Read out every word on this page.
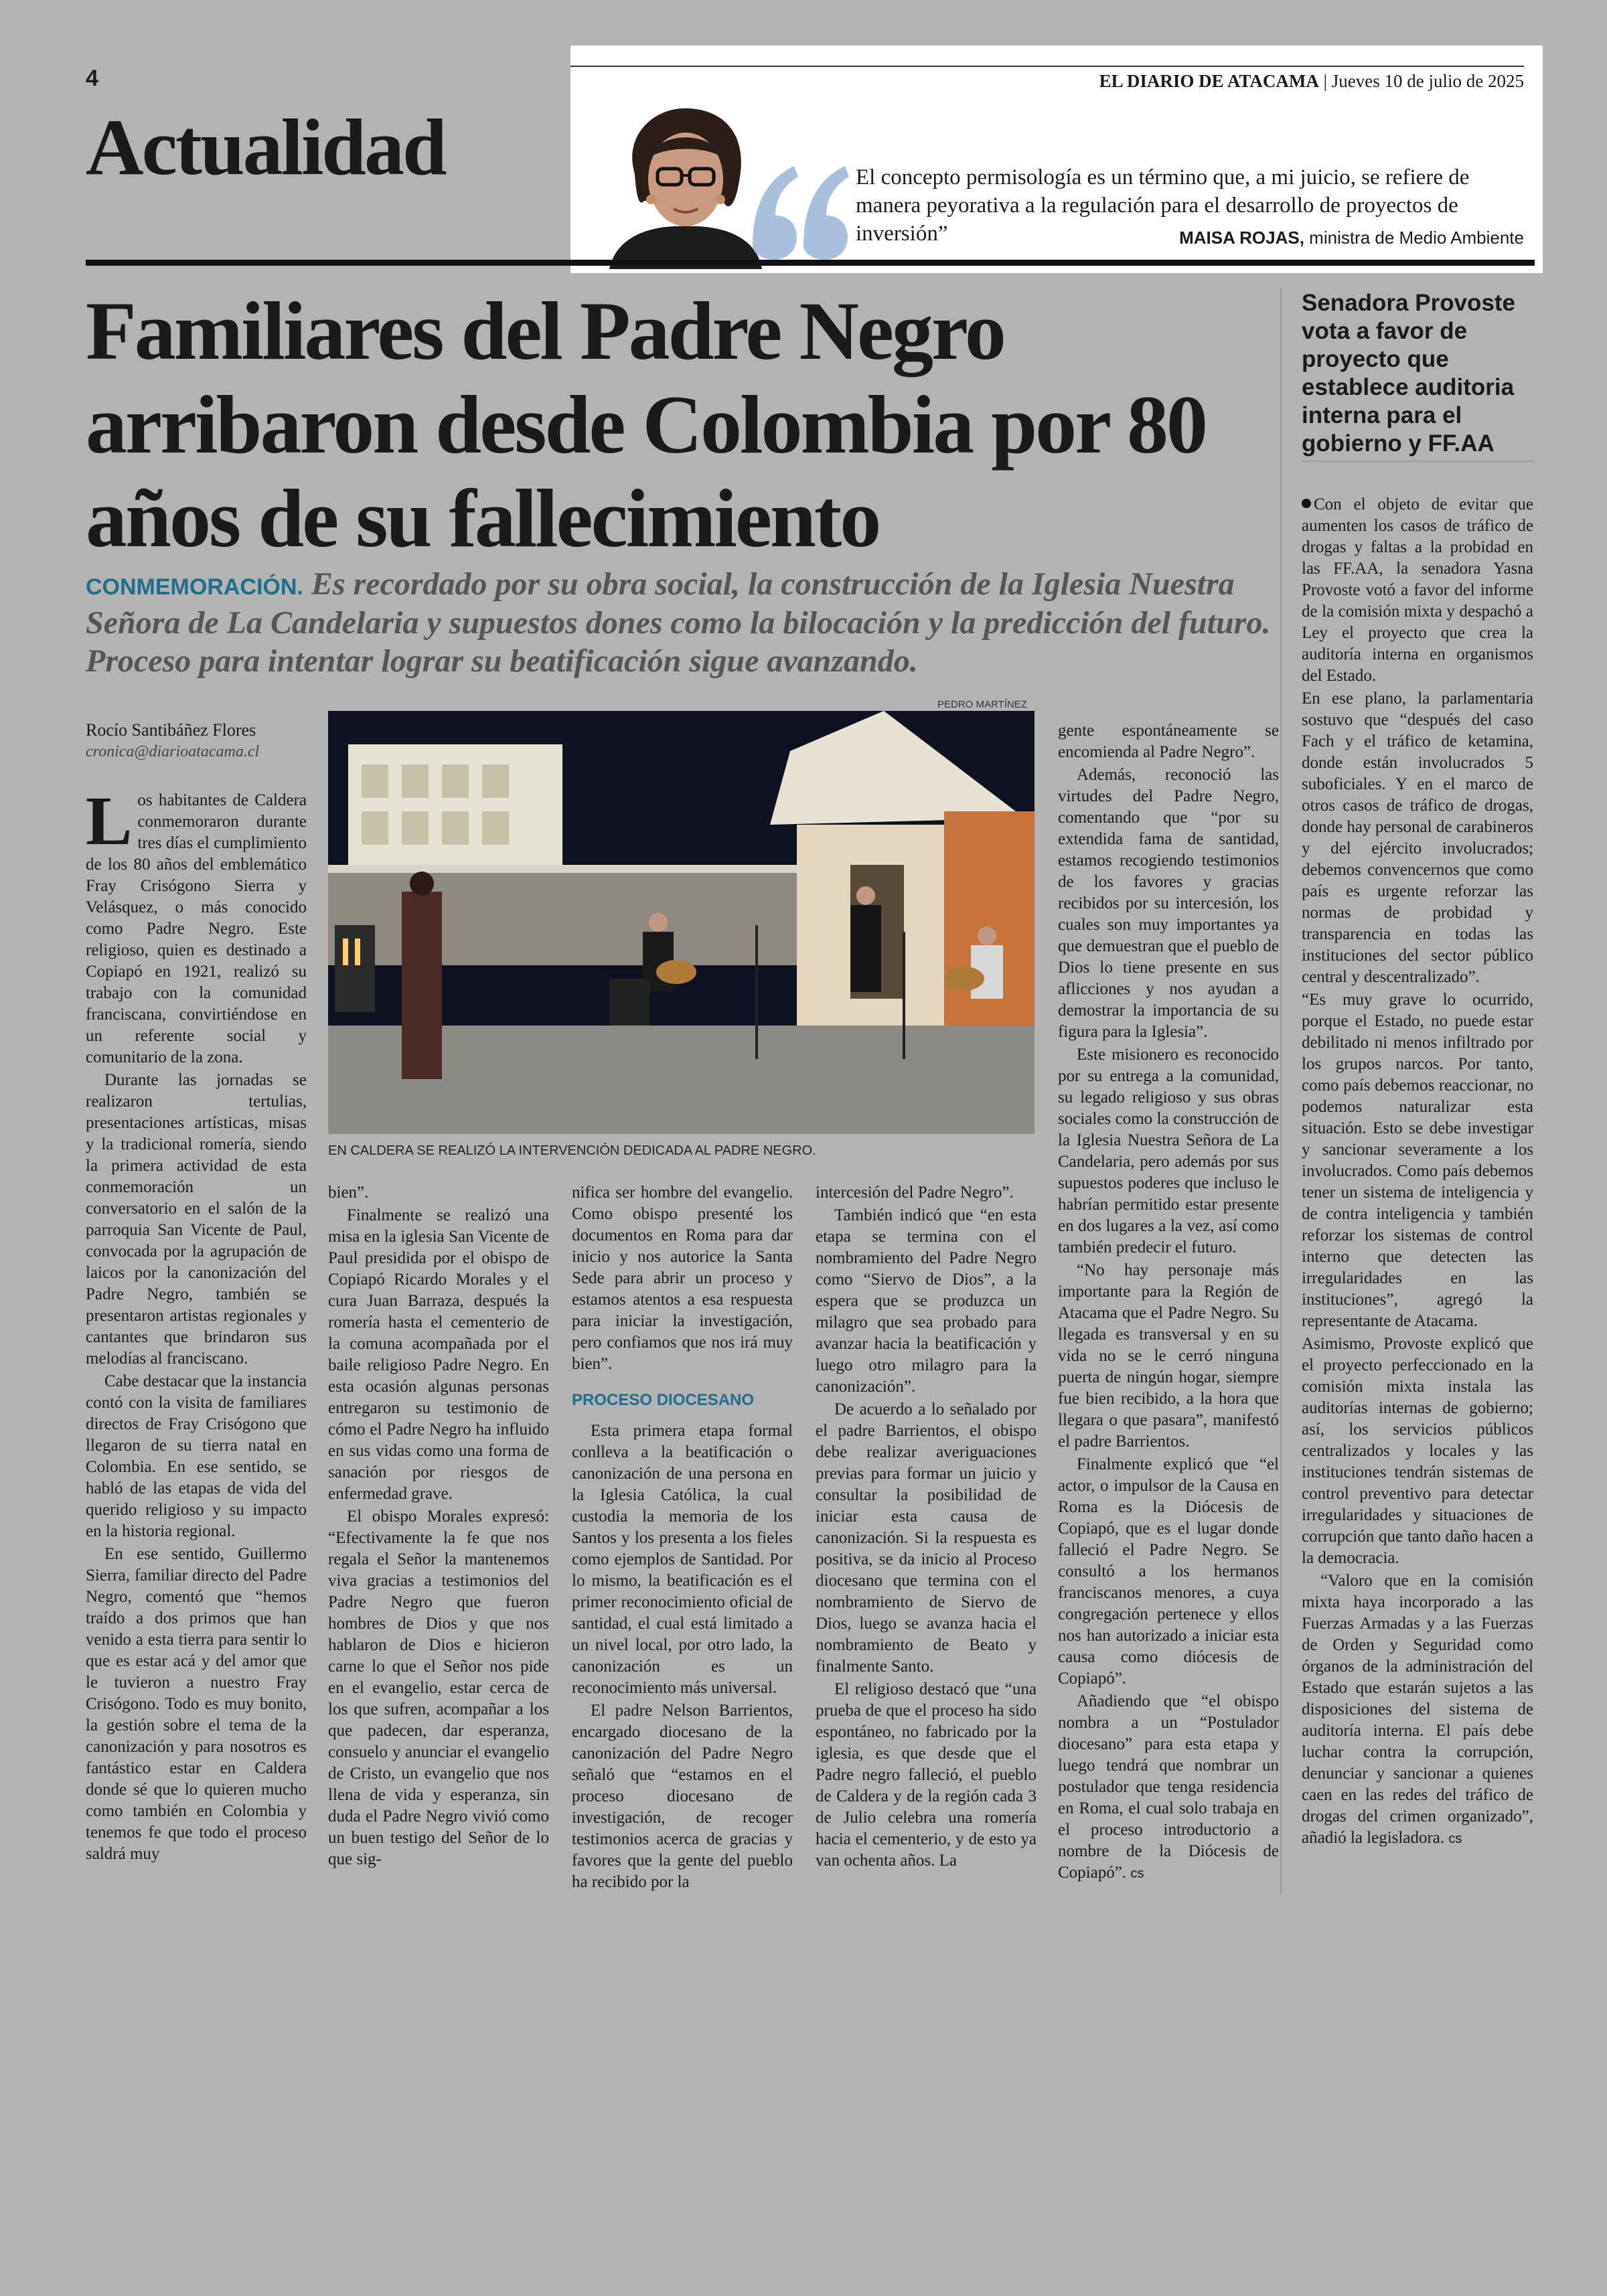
4
Actualidad
EL DIARIO DE ATACAMA | Jueves 10 de julio de 2025
El concepto permisología es un término que, a mi juicio, se refiere de manera peyorativa a la regulación para el desarrollo de proyectos de inversión”	MAISA ROJAS, ministra de Medio Ambiente
Familiares del Padre Negro arribaron desde Colombia por 80 años de su fallecimiento
CONMEMORACIÓN. Es recordado por su obra social, la construcción de la Iglesia Nuestra Señora de La Candelaria y supuestos dones como la bilocación y la predicción del futuro. Proceso para intentar lograr su beatificación sigue avanzando.
Rocío Santibáñez Flores
cronica@diarioatacama.cl
PEDRO MARTÍNEZ
EN CALDERA SE REALIZÓ LA INTERVENCIÓN DEDICADA AL PADRE NEGRO.

Los habitantes de Caldera conmemoraron durante tres días el cumplimiento de los 80 años del emblemático Fray Crisógono Sierra y Velásquez, o más conocido como Padre Negro. Este religioso, quien es destinado a Copiapó en 1921, realizó su trabajo con la comunidad franciscana, convirtiéndose en un referente social y comunitario de la zona.

Durante las jornadas se realizaron tertulias, presentaciones artísticas, misas y la tradicional romería, siendo la primera actividad de esta conmemoración un conversatorio en el salón de la parroquia San Vicente de Paul, convocada por la agrupación de laicos por la canonización del Padre Negro, también se presentaron artistas regionales y cantantes que brindaron sus melodías al franciscano.

Cabe destacar que la instancia contó con la visita de familiares directos de Fray Crisógono que llegaron de su tierra natal en Colombia. En ese sentido, se habló de las etapas de vida del querido religioso y su impacto en la historia regional.

En ese sentido, Guillermo Sierra, familiar directo del Padre Negro, comentó que “hemos traído a dos primos que han venido a esta tierra para sentir lo que es estar acá y del amor que le tuvieron a nuestro Fray Crisógono. Todo es muy bonito, la gestión sobre el tema de la canonización y para nosotros es fantástico estar en Caldera donde sé que lo quieren mucho como también en Colombia y tenemos fe que todo el proceso saldrá muy

bien”.

Finalmente se realizó una misa en la iglesia San Vicente de Paul presidida por el obispo de Copiapó Ricardo Morales y el cura Juan Barraza, después la romería hasta el cementerio de la comuna acompañada por el baile religioso Padre Negro. En esta ocasión algunas personas entregaron su testimonio de cómo el Padre Negro ha influido en sus vidas como una forma de sanación por riesgos de enfermedad grave.

El obispo Morales expresó: “Efectivamente la fe que nos regala el Señor la mantenemos viva gracias a testimonios del Padre Negro que fueron hombres de Dios y que nos hablaron de Dios e hicieron carne lo que el Señor nos pide en el evangelio, estar cerca de los que sufren, acompañar a los que padecen, dar esperanza, consuelo y anunciar el evangelio de Cristo, un evangelio que nos llena de vida y esperanza, sin duda el Padre Negro vivió como un buen testigo del Señor de lo que sig-

nifica ser hombre del evangelio. Como obispo presenté los documentos en Roma para dar inicio y nos autorice la Santa Sede para abrir un proceso y estamos atentos a esa respuesta para iniciar la investigación, pero confiamos que nos irá muy bien”.

PROCESO DIOCESANO

Esta primera etapa formal conlleva a la beatificación o canonización de una persona en la Iglesia Católica, la cual custodia la memoria de los Santos y los presenta a los fieles como ejemplos de Santidad. Por lo mismo, la beatificación es el primer reconocimiento oficial de santidad, el cual está limitado a un nivel local, por otro lado, la canonización es un reconocimiento más universal.

El padre Nelson Barrientos, encargado diocesano de la canonización del Padre Negro señaló que “estamos en el proceso diocesano de investigación, de recoger testimonios acerca de gracias y favores que la gente del pueblo ha recibido por la

intercesión del Padre Negro”.

También indicó que “en esta etapa se termina con el nombramiento del Padre Negro como “Siervo de Dios”, a la espera que se produzca un milagro que sea probado para avanzar hacia la beatificación y luego otro milagro para la canonización”.

De acuerdo a lo señalado por el padre Barrientos, el obispo debe realizar averiguaciones previas para formar un juicio y consultar la posibilidad de iniciar esta causa de canonización. Si la respuesta es positiva, se da inicio al Proceso diocesano que termina con el nombramiento de Siervo de Dios, luego se avanza hacia el nombramiento de Beato y finalmente Santo.

El religioso destacó que “una prueba de que el proceso ha sido espontáneo, no fabricado por la iglesia, es que desde que el Padre negro falleció, el pueblo de Caldera y de la región cada 3 de Julio celebra una romería hacia el cementerio, y de esto ya van ochenta años. La

gente espontáneamente se encomienda al Padre Negro”.

Además, reconoció las virtudes del Padre Negro, comentando que “por su extendida fama de santidad, estamos recogiendo testimonios de los favores y gracias recibidos por su intercesión, los cuales son muy importantes ya que demuestran que el pueblo de Dios lo tiene presente en sus aflicciones y nos ayudan a demostrar la importancia de su figura para la Iglesia”.

Este misionero es reconocido por su entrega a la comunidad, su legado religioso y sus obras sociales como la construcción de la Iglesia Nuestra Señora de La Candelaria, pero además por sus supuestos poderes que incluso le habrían permitido estar presente en dos lugares a la vez, así como también predecir el futuro.

“No hay personaje más importante para la Región de Atacama que el Padre Negro. Su llegada es transversal y en su vida no se le cerró ninguna puerta de ningún hogar, siempre fue bien recibido, a la hora que llegara o que pasara”, manifestó el padre Barrientos.

Finalmente explicó que “el actor, o impulsor de la Causa en Roma es la Diócesis de Copiapó, que es el lugar donde falleció el Padre Negro. Se consultó a los hermanos franciscanos menores, a cuya congregación pertenece y ellos nos han autorizado a iniciar esta causa como diócesis de Copiapó”.

Añadiendo que “el obispo nombra a un “Postulador diocesano” para esta etapa y luego tendrá que nombrar un postulador que tenga residencia en Roma, el cual solo trabaja en el proceso introductorio a nombre de la Diócesis de Copiapó”. cs

Senadora Provoste vota a favor de proyecto que establece auditoria interna para el gobierno y FF.AA

Con el objeto de evitar que aumenten los casos de tráfico de drogas y faltas a la probidad en las FF.AA, la senadora Yasna Provoste votó a favor del informe de la comisión mixta y despachó a Ley el proyecto que crea la auditoría interna en organismos del Estado.

En ese plano, la parlamentaria sostuvo que “después del caso Fach y el tráfico de ketamina, donde están involucrados 5 suboficiales. Y en el marco de otros casos de tráfico de drogas, donde hay personal de carabineros y del ejército involucrados; debemos convencernos que como país es urgente reforzar las normas de probidad y transparencia en todas las instituciones del sector público central y descentralizado”.

“Es muy grave lo ocurrido, porque el Estado, no puede estar debilitado ni menos infiltrado por los grupos narcos. Por tanto, como país debemos reaccionar, no podemos naturalizar esta situación. Esto se debe investigar y sancionar severamente a los involucrados. Como país debemos tener un sistema de inteligencia y de contra inteligencia y también reforzar los sistemas de control interno que detecten las irregularidades en las instituciones”, agregó la representante de Atacama.

Asimismo, Provoste explicó que el proyecto perfeccionado en la comisión mixta instala las auditorías internas de gobierno; así, los servicios públicos centralizados y locales y las instituciones tendrán sistemas de control preventivo para detectar irregularidades y situaciones de corrupción que tanto daño hacen a la democracia.

“Valoro que en la comisión mixta haya incorporado a las Fuerzas Armadas y a las Fuerzas de Orden y Seguridad como órganos de la administración del Estado que estarán sujetos a las disposiciones del sistema de auditoría interna. El país debe luchar contra la corrupción, denunciar y sancionar a quienes caen en las redes del tráfico de drogas del crimen organizado”, añadió la legisladora. cs
